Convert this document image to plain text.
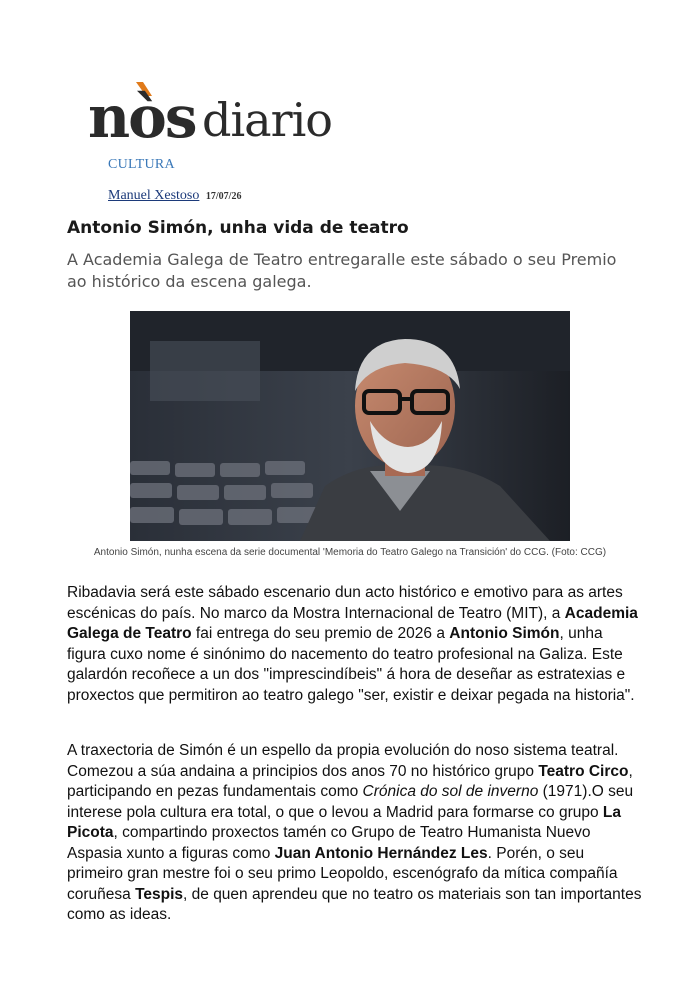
nòs diario
CULTURA
Manuel Xestoso 17/07/26
Antonio Simón, unha vida de teatro

A Academia Galega de Teatro entregaralle este sábado o seu Premio ao histórico da escena galega.

Antonio Simón, nunha escena da serie documental 'Memoria do Teatro Galego na Transición' do CCG. (Foto: CCG)

Ribadavia será este sábado escenario dun acto histórico e emotivo para as artes escénicas do país. No marco da Mostra Internacional de Teatro (MIT), a Academia Galega de Teatro fai entrega do seu premio de 2026 a Antonio Simón, unha figura cuxo nome é sinónimo do nacemento do teatro profesional na Galiza. Este galardón recoñece a un dos "imprescindíbeis" á hora de deseñar as estratexias e proxectos que permitiron ao teatro galego "ser, existir e deixar pegada na historia".

A traxectoria de Simón é un espello da propia evolución do noso sistema teatral. Comezou a súa andaina a principios dos anos 70 no histórico grupo Teatro Circo, participando en pezas fundamentais como Crónica do sol de inverno (1971).O seu interese pola cultura era total, o que o levou a Madrid para formarse co grupo La Picota, compartindo proxectos tamén co Grupo de Teatro Humanista Nuevo Aspasia xunto a figuras como Juan Antonio Hernández Les. Porén, o seu primeiro gran mestre foi o seu primo Leopoldo, escenógrafo da mítica compañía coruñesa Tespis, de quen aprendeu que no teatro os materiais son tan importantes como as ideas.
